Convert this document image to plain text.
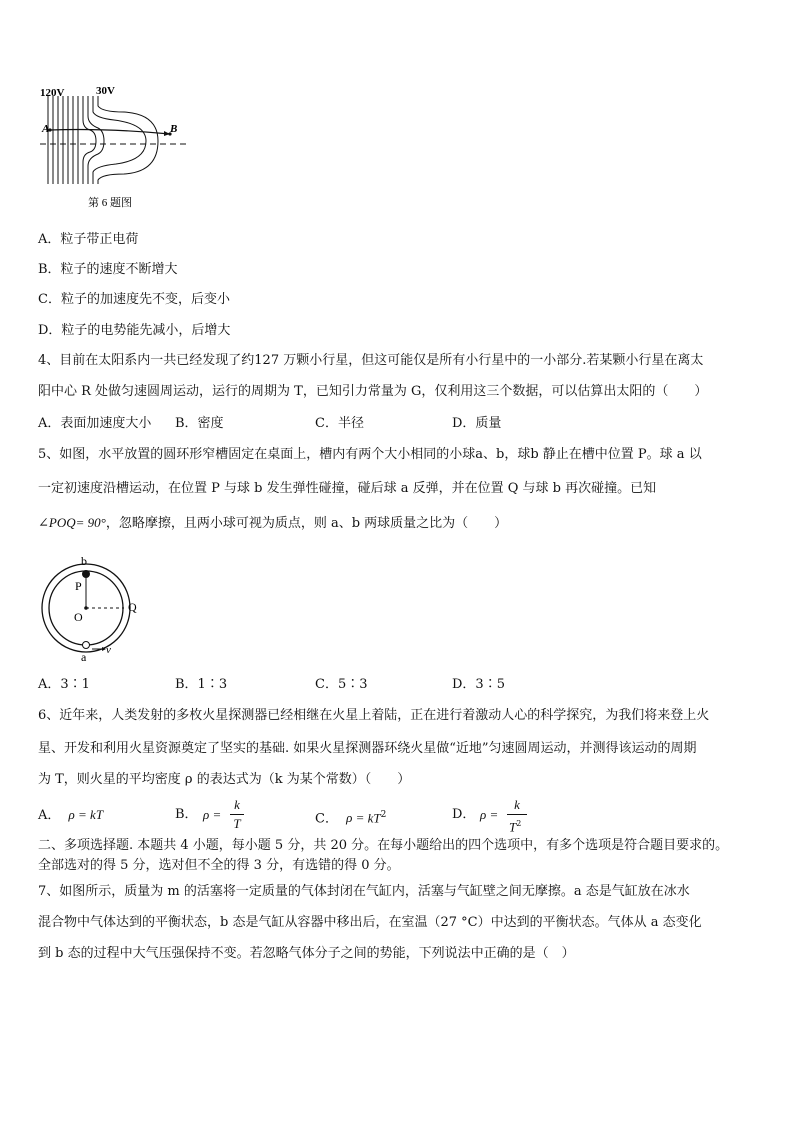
120V	30V
A	B
第 6 题图
A．粒子带正电荷
B．粒子的速度不断增大
C．粒子的加速度先不变，后变小
D．粒子的电势能先减小，后增大
4、目前在太阳系内一共已经发现了约127 万颗小行星，但这可能仅是所有小行星中的一小部分.若某颗小行星在离太
阳中心 R 处做匀速圆周运动，运行的周期为 T，已知引力常量为 G，仅利用这三个数据，可以估算出太阳的（　　）
A．表面加速度大小 B．密度	C．半径	D．质量
5、如图，水平放置的圆环形窄槽固定在桌面上，槽内有两个大小相同的小球a、b，球b 静止在槽中位置 P。球 a 以
一定初速度沿槽运动，在位置 P 与球 b 发生弹性碰撞，碰后球 a 反弹，并在位置 Q 与球 b 再次碰撞。已知
∠POQ= 90°，忽略摩擦，且两小球可视为质点，则 a、b 两球质量之比为（　　）
b
P
O
Q
a v
A．3∶1	B．1∶3	C．5∶3	D．3∶5
6、近年来，人类发射的多枚火星探测器已经相继在火星上着陆，正在进行着激动人心的科学探究，为我们将来登上火
星、开发和利用火星资源奠定了坚实的基础. 如果火星探测器环绕火星做“近地”匀速圆周运动，并测得该运动的周期
为 T，则火星的平均密度 ρ 的表达式为（k 为某个常数）（　　）
A． ρ = kT	B． ρ =
k
T	C． $\rho = kT^2$	D． ρ =
k
$T^2$
二、多项选择题. 本题共 4 小题，每小题 5 分，共 20 分。在每小题给出的四个选项中，有多个选项是符合题目要求的。
全部选对的得 5 分，选对但不全的得 3 分，有选错的得 0 分。
7、如图所示，质量为 m 的活塞将一定质量的气体封闭在气缸内，活塞与气缸壁之间无摩擦。a 态是气缸放在冰水
混合物中气体达到的平衡状态，b 态是气缸从容器中移出后，在室温（27 °C）中达到的平衡状态。气体从 a 态变化
到 b 态的过程中大气压强保持不变。若忽略气体分子之间的势能，下列说法中正确的是（　）
